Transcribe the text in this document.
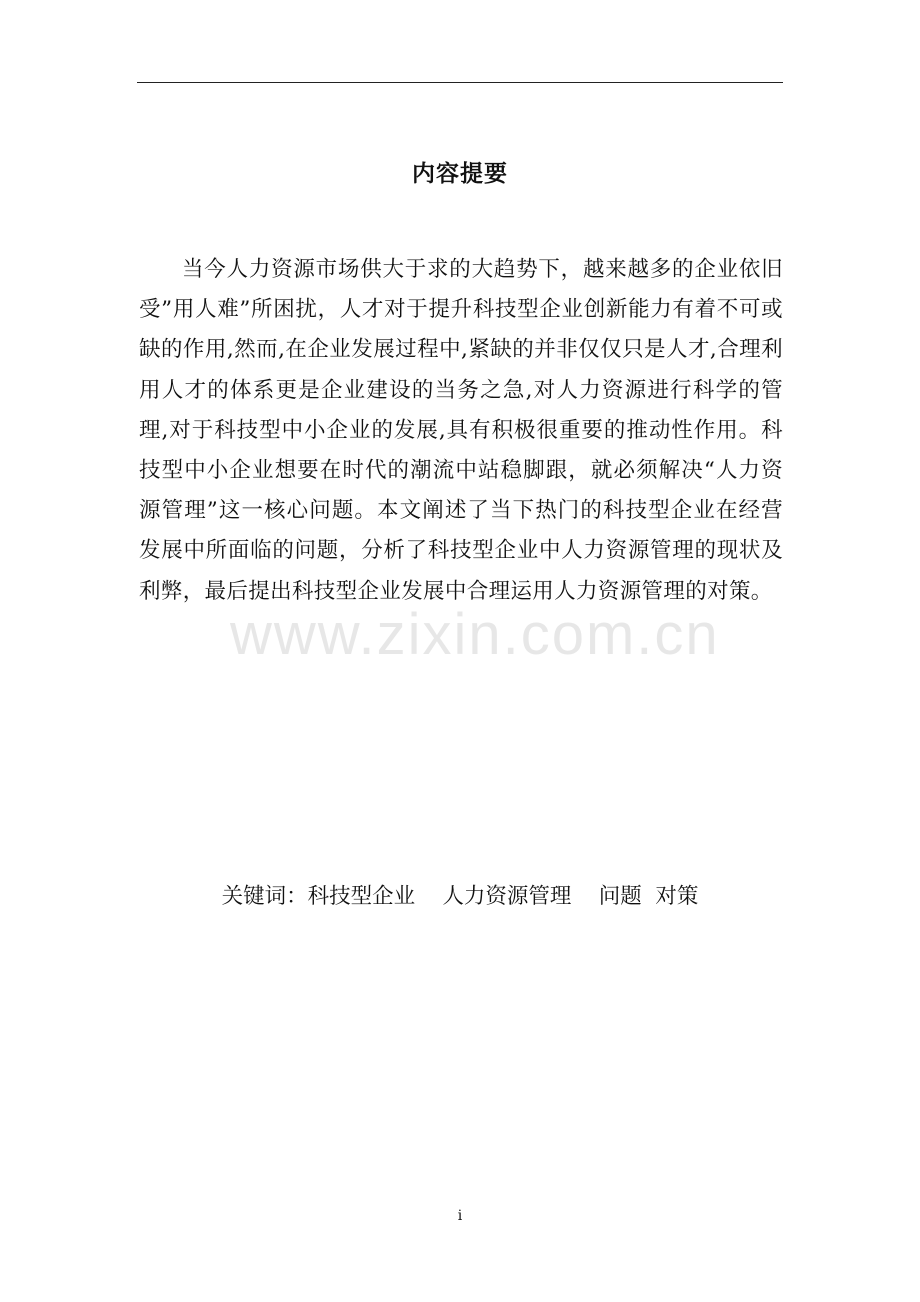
内容提要

当今人力资源市场供大于求的大趋势下，越来越多的企业依旧受”用人难”所困扰，人才对于提升科技型企业创新能力有着不可或缺的作用,然而,在企业发展过程中,紧缺的并非仅仅只是人才,合理利用人才的体系更是企业建设的当务之急,对人力资源进行科学的管理,对于科技型中小企业的发展,具有积极很重要的推动性作用。科技型中小企业想要在时代的潮流中站稳脚跟，就必须解决“人力资源管理”这一核心问题。本文阐述了当下热门的科技型企业在经营发展中所面临的问题，分析了科技型企业中人力资源管理的现状及利弊，最后提出科技型企业发展中合理运用人力资源管理的对策。

www.zixin.com.cn
关键词：科技型企业    人力资源管理    问题  对策
i
